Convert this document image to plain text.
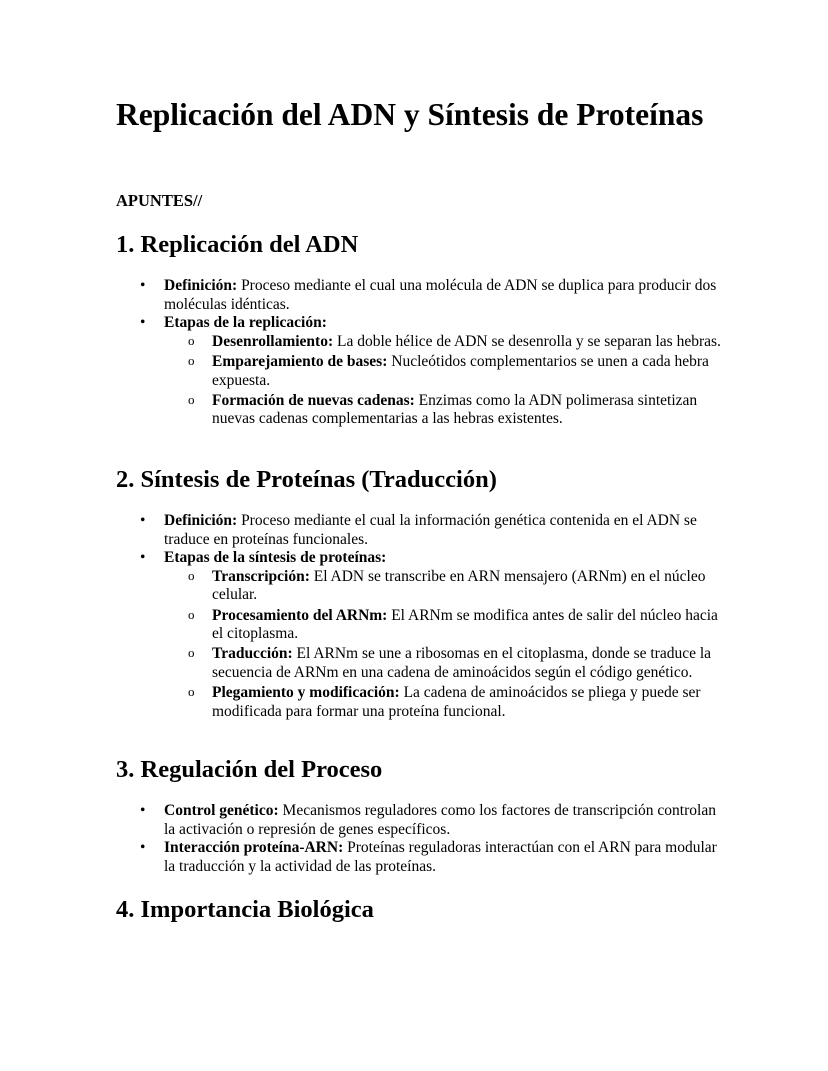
Replicación del ADN y Síntesis de Proteínas

APUNTES//

1. Replicación del ADN
• Definición: Proceso mediante el cual una molécula de ADN se duplica para producir dos moléculas idénticas.
• Etapas de la replicación:
o Desenrollamiento: La doble hélice de ADN se desenrolla y se separan las hebras.
o Emparejamiento de bases: Nucleótidos complementarios se unen a cada hebra expuesta.
o Formación de nuevas cadenas: Enzimas como la ADN polimerasa sintetizan nuevas cadenas complementarias a las hebras existentes.
2. Síntesis de Proteínas (Traducción)
• Definición: Proceso mediante el cual la información genética contenida en el ADN se traduce en proteínas funcionales.
• Etapas de la síntesis de proteínas:
o Transcripción: El ADN se transcribe en ARN mensajero (ARNm) en el núcleo celular.
o Procesamiento del ARNm: El ARNm se modifica antes de salir del núcleo hacia el citoplasma.
o Traducción: El ARNm se une a ribosomas en el citoplasma, donde se traduce la secuencia de ARNm en una cadena de aminoácidos según el código genético.
o Plegamiento y modificación: La cadena de aminoácidos se pliega y puede ser modificada para formar una proteína funcional.
3. Regulación del Proceso
• Control genético: Mecanismos reguladores como los factores de transcripción controlan la activación o represión de genes específicos.
• Interacción proteína-ARN: Proteínas reguladoras interactúan con el ARN para modular la traducción y la actividad de las proteínas.
4. Importancia Biológica
